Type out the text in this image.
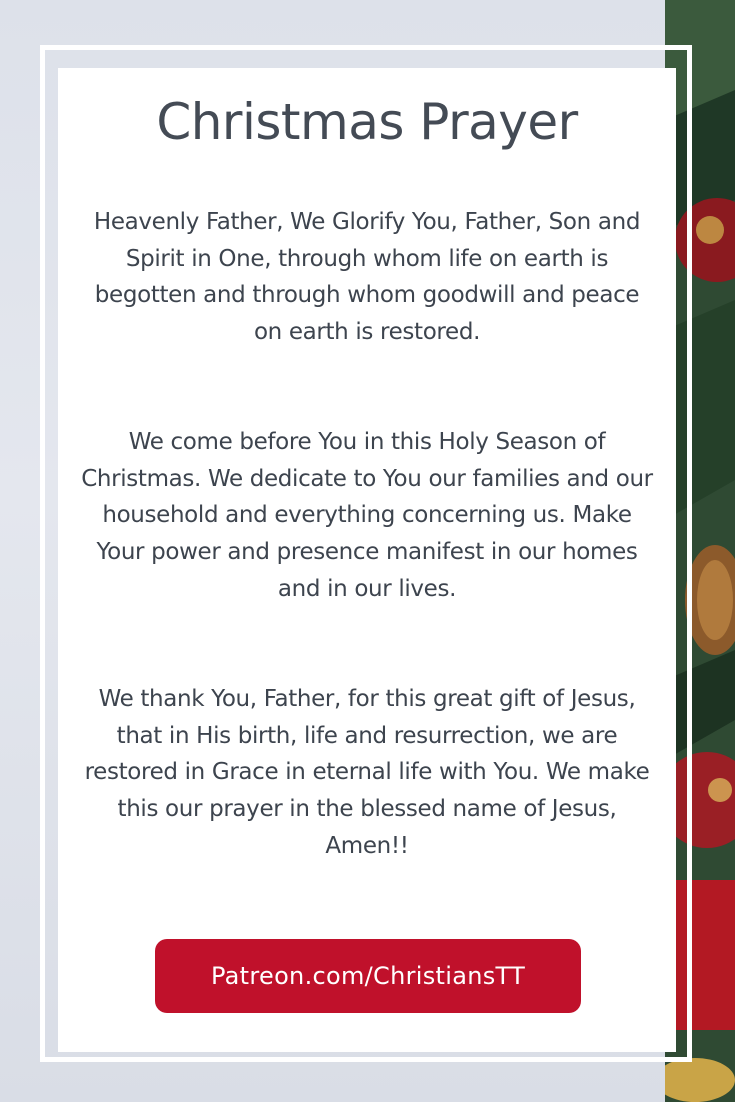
Christmas Prayer

Heavenly Father, We Glorify You, Father, Son and Spirit in One, through whom life on earth is begotten and through whom goodwill and peace on earth is restored.

We come before You in this Holy Season of Christmas. We dedicate to You our families and our household and everything concerning us. Make Your power and presence manifest in our homes and in our lives.

We thank You, Father, for this great gift of Jesus, that in His birth, life and resurrection, we are restored in Grace in eternal life with You. We make this our prayer in the blessed name of Jesus, Amen!!

Patreon.com/ChristiansTT
